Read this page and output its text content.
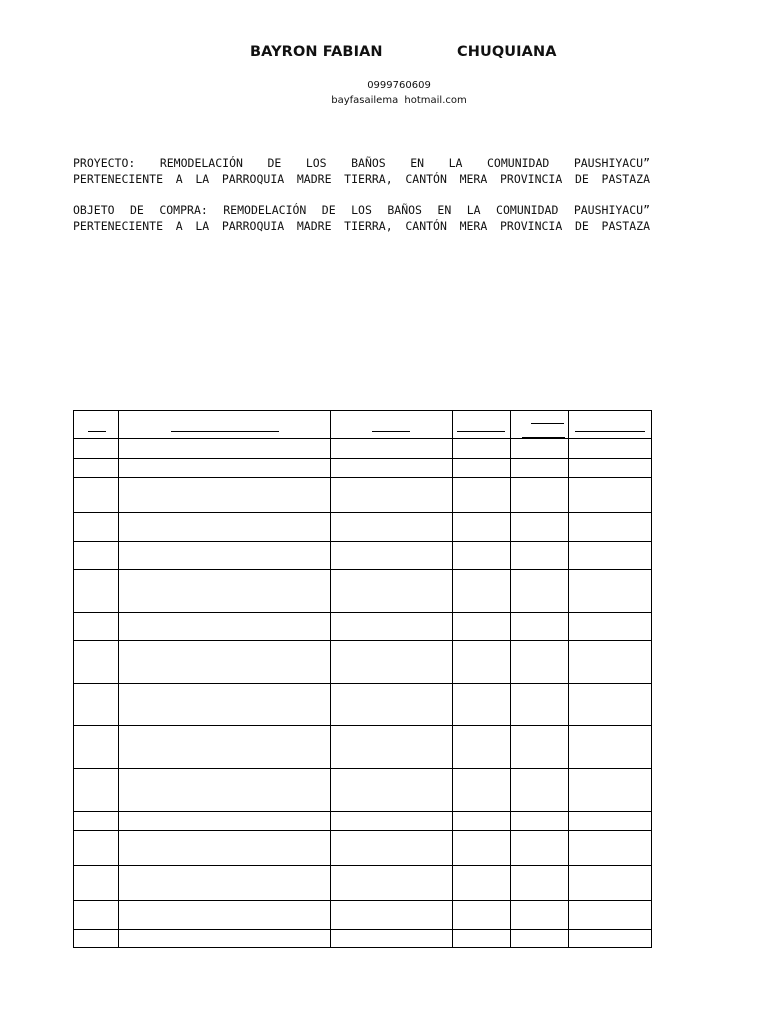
BAYRON FABIAN	CHUQUIANA
0999760609
bayfasailema hotmail.com
PROYECTO: REMODELACIÓN DE LOS BAÑOS EN LA COMUNIDAD PAUSHIYACU”
PERTENECIENTE A LA PARROQUIA MADRE TIERRA, CANTÓN MERA PROVINCIA DE PASTAZA
OBJETO DE COMPRA: REMODELACIÓN DE LOS BAÑOS EN LA COMUNIDAD PAUSHIYACU”
PERTENECIENTE A LA PARROQUIA MADRE TIERRA, CANTÓN MERA PROVINCIA DE PASTAZA
